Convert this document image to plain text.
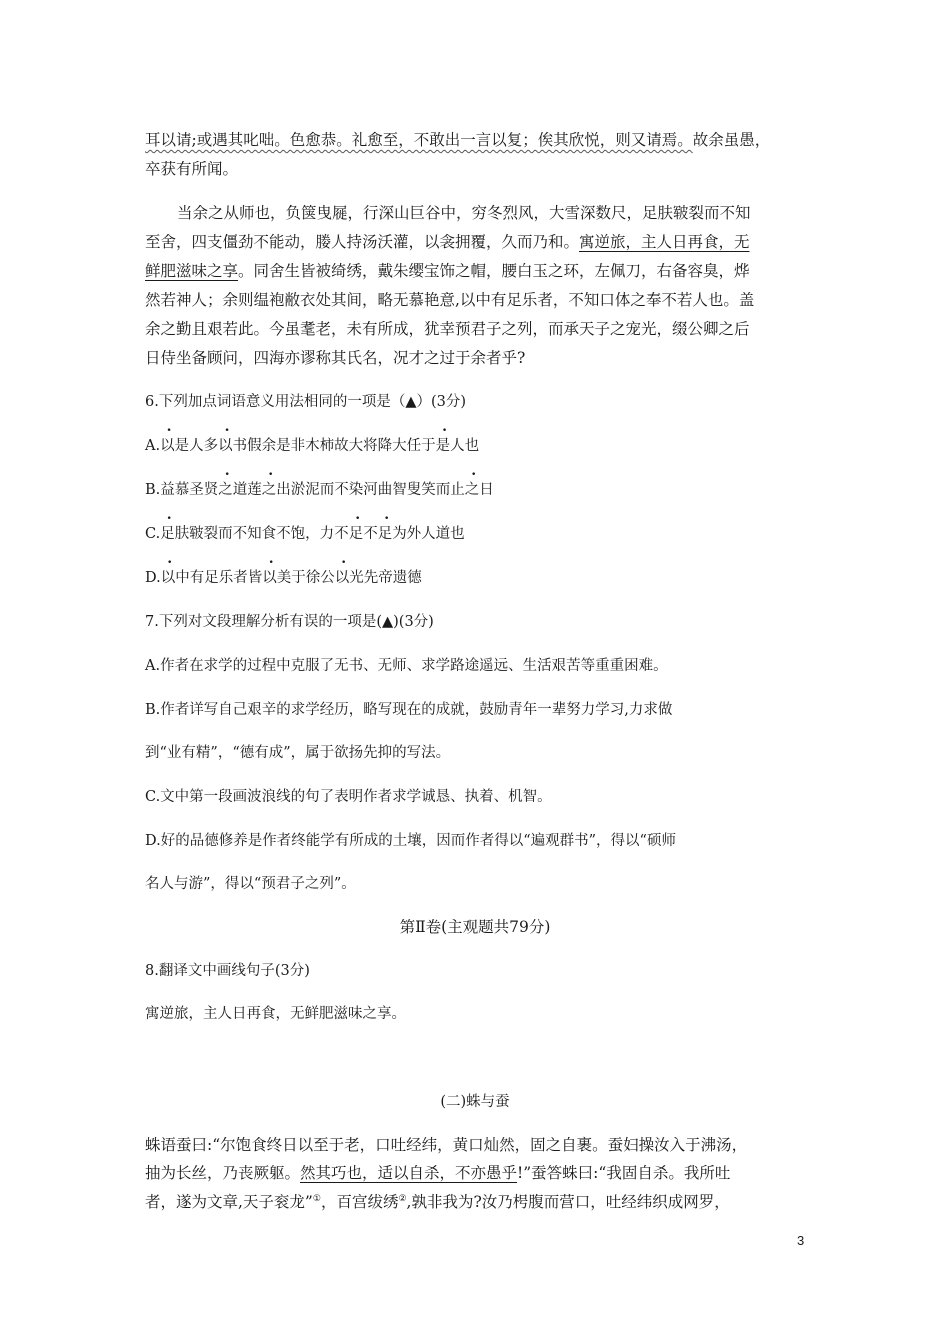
耳以请;或遇其叱咄。色愈恭。礼愈至，不敢出一言以复；俟其欣悦，则又请焉。故余虽愚，
卒获有所闻。
当余之从师也，负箧曳屣，行深山巨谷中，穷冬烈风，大雪深数尺，足肤皲裂而不知
至舍，四支僵劲不能动，媵人持汤沃灌，以衾拥覆，久而乃和。寓逆旅，主人日再食，无
鲜肥滋味之享。同舍生皆被绮绣，戴朱缨宝饰之帽，腰白玉之环，左佩刀，右备容臭，烨
然若神人；余则缊袍敝衣处其间，略无慕艳意,以中有足乐者，不知口体之奉不若人也。盖
余之勤且艰若此。今虽耄老，未有所成，犹幸预君子之列，而承天子之宠光，缀公卿之后
日侍坐备顾问，四海亦谬称其氏名，况才之过于余者乎?
6.下列加点词语意义用法相同的一项是（▲）(3分)
A.以是人多以书假余是非木柿故大将降大任于是人也
B.益慕圣贤之道莲之出淤泥而不染河曲智叟笑而止之日
C.足肤皲裂而不知食不饱，力不足不足为外人道也
D.以中有足乐者皆以美于徐公以光先帝遗德
7.下列对文段理解分析有误的一项是(▲)(3分)
A.作者在求学的过程中克服了无书、无师、求学路途遥远、生活艰苦等重重困难。
B.作者详写自己艰辛的求学经历，略写现在的成就，鼓励青年一辈努力学习,力求做
到“业有精”，“德有成”，属于欲扬先抑的写法。
C.文中第一段画波浪线的句了表明作者求学诚恳、执着、机智。
D.好的品德修养是作者终能学有所成的土壤，因而作者得以“遍观群书”，得以“硕师
名人与游”，得以“预君子之列”。
第Ⅱ卷(主观题共79分)
8.翻译文中画线句子(3分)
寓逆旅，主人日再食，无鲜肥滋味之享。
(二)蛛与蚕
蛛语蚕曰:“尔饱食终日以至于老，口吐经纬，黄口灿然，固之自裹。蚕妇操汝入于沸汤，
抽为长丝，乃丧厥躯。然其巧也，适以自杀，不亦愚乎!”蚕答蛛曰:“我固自杀。我所吐
者，遂为文章,天子衮龙”①，百宫绂绣②,孰非我为?汝乃枵腹而营口，吐经纬织成网罗，
3
